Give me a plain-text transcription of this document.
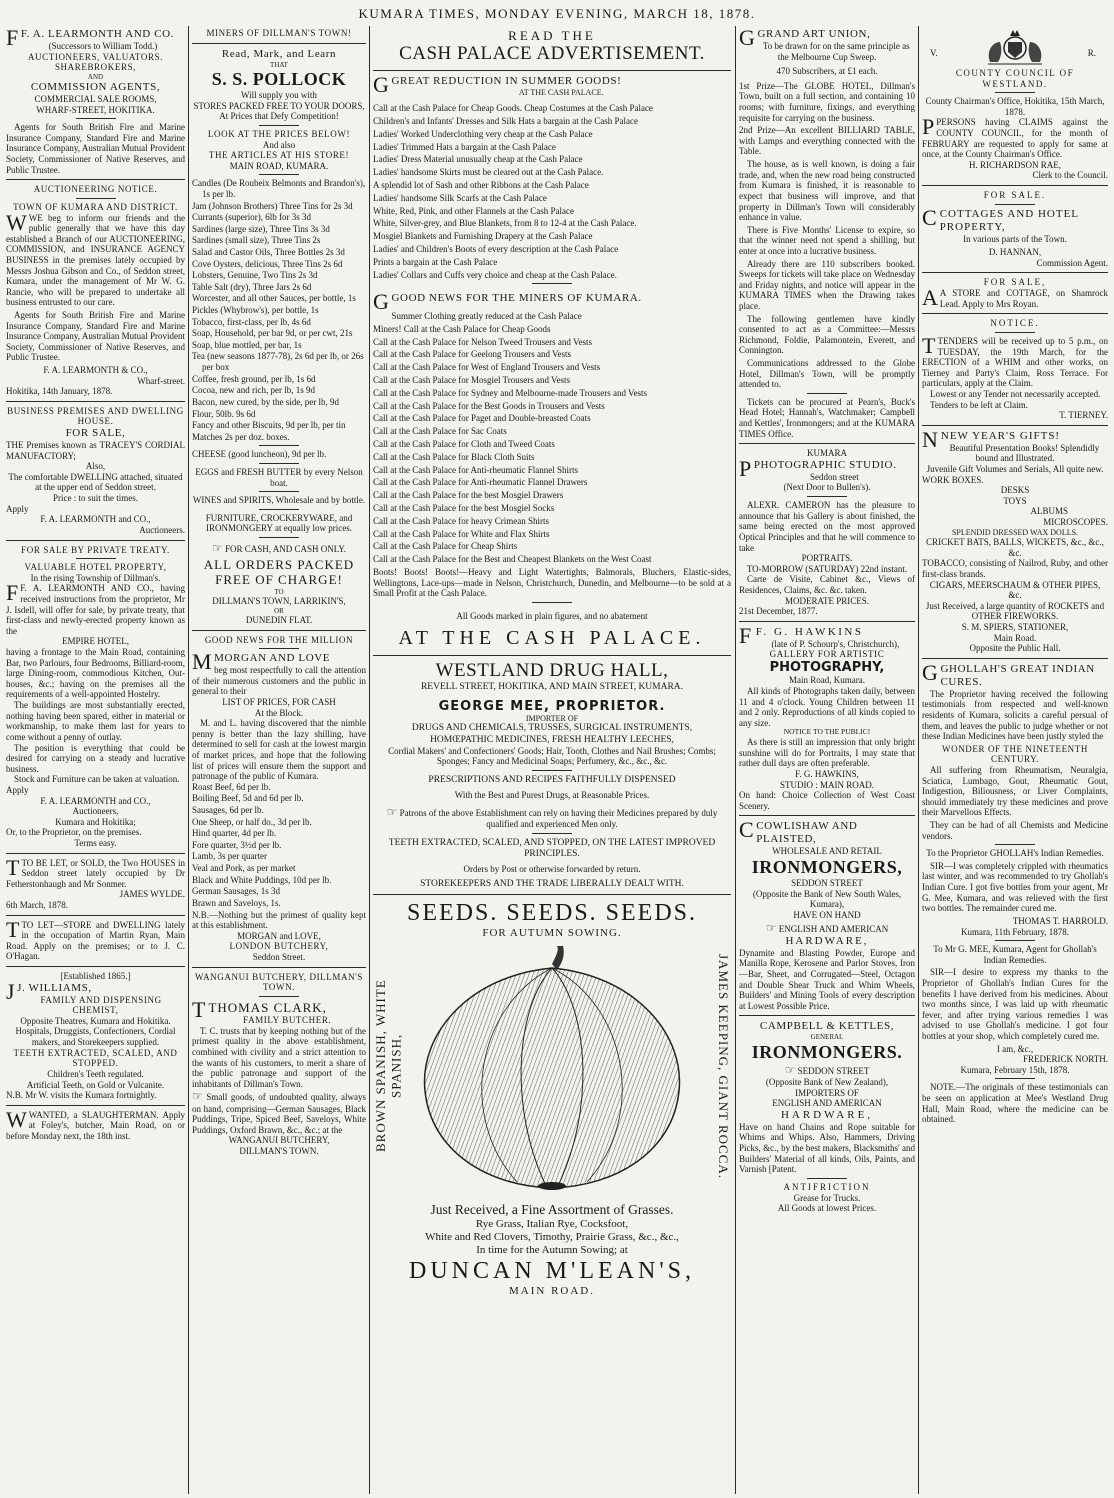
KUMARA TIMES, MONDAY EVENING, MARCH 18, 1878.
F F. A. LEARMONTH AND CO.
(Successors to William Todd.)
AUCTIONEERS, VALUATORS.
SHAREBROKERS,
AND
COMMISSION AGENTS,
COMMERCIAL SALE ROOMS,
WHARF-STREET, HOKITIKA.
Agents for South British Fire and Marine Insurance Company, Standard Fire and Marine Insurance Company, Australian Mutual Provident Society, Commissioner of Native Reserves, and Public Trustee.
AUCTIONEERING NOTICE.
TOWN OF KUMARA AND DISTRICT.
WWE beg to inform our friends and the public generally that we have this day established a Branch of our AUCTIONEERING, COMMISSION, and INSURANCE AGENCY BUSINESS in the premises lately occupied by Messrs Joshua Gibson and Co., of Seddon street, Kumara, under the management of Mr W. G. Rancie, who will be prepared to undertake all business entrusted to our care.
Agents for South British Fire and Marine Insurance Company, Standard Fire and Marine Insurance Company, Australian Mutual Provident Society, Commissioner of Native Reserves, and Public Trustee.
F. A. LEARMONTH & CO.,
Wharf-street.
Hokitika, 14th January, 1878.
BUSINESS PREMISES AND DWELLING HOUSE.
FOR SALE,
THE Premises known as TRACEY'S CORDIAL MANUFACTORY;
Also,
The comfortable DWELLING attached, situated at the upper end of Seddon street.
Price : to suit the times.
Apply
F. A. LEARMONTH and CO.,
Auctioneers.
FOR SALE BY PRIVATE TREATY.
VALUABLE HOTEL PROPERTY,
In the rising Township of Dillman's.
F F. A. LEARMONTH AND CO., having received instructions from the proprietor, Mr J. Isdell, will offer for sale, by private treaty, that first-class and newly-erected property known as the
EMPIRE HOTEL,
having a frontage to the Main Road, containing Bar, two Parlours, four Bedrooms, Billiard-room, large Dining-room, commodious Kitchen, Out-houses, &c.; having on the premises all the requirements of a well-appointed Hostelry.
The buildings are most substantially erected, nothing having been spared, either in material or workmanship, to make them last for years to come without a penny of outlay.
The position is everything that could be desired for carrying on a steady and lucrative business.
Stock and Furniture can be taken at valuation.
Apply
F. A. LEARMONTH and CO.,
Auctioneers,
Kumara and Hokitika;
Or, to the Proprietor, on the premises.
Terms easy.
TTO BE LET, or SOLD, the Two HOUSES in Seddon street lately occupied by Dr Fetherstonhaugh and Mr Sonmer.
JAMES WYLDE.
6th March, 1878.
TTO LET—STORE and DWELLING lately in the occupation of Martin Ryan, Main Road. Apply on the premises; or to J. C. O'Hagan.
[Established 1865.]
J J. WILLIAMS,
FAMILY AND DISPENSING CHEMIST,
Opposite Theatres, Kumara and Hokitika.
Hospitals, Druggists, Confectioners, Cordial makers, and Storekeepers supplied.
TEETH EXTRACTED, SCALED, AND STOPPED.
Children's Teeth regulated.
Artificial Teeth, on Gold or Vulcanite.
N.B. Mr W. visits the Kumara fortnightly.
WWANTED, a SLAUGHTERMAN. Apply at Foley's, butcher, Main Road, on or before Monday next, the 18th inst.
MINERS OF DILLMAN'S TOWN!
Read, Mark, and Learn
THAT
S. S. POLLOCK
Will supply you with
STORES PACKED FREE TO YOUR DOORS,
At Prices that Defy Competition!
LOOK AT THE PRICES BELOW!
And also
THE ARTICLES AT HIS STORE!
MAIN ROAD, KUMARA.
Candles (De Roubeix Belmonts and Brandon's), 1s per lb.
Jam (Johnson Brothers) Three Tins for 2s 3d
Currants (superior), 6lb for 3s 3d
Sardines (large size), Three Tins 3s 3d
Sardines (small size), Three Tins 2s
Salad and Castor Oils, Three Bottles 2s 3d
Cove Oysters, delicious, Three Tins 2s 6d
Lobsters, Genuine, Two Tins 2s 3d
Table Salt (dry), Three Jars 2s 6d
Worcester, and all other Sauces, per bottle, 1s
Pickles (Whybrow's), per bottle, 1s
Tobacco, first-class, per lb, 4s 6d
Soap, Household, per bar 9d, or per cwt, 21s
Soap, blue mottled, per bar, 1s
Tea (new seasons 1877-78), 2s 6d per lb, or 26s per box
Coffee, fresh ground, per lb, 1s 6d
Cocoa, new and rich, per lb, 1s 9d
Bacon, new cured, by the side, per lb, 9d
Flour, 50lb. 9s 6d
Fancy and other Biscuits, 9d per lb, per tin
Matches 2s per doz. boxes.
CHEESE (good luncheon), 9d per lb.
EGGS and FRESH BUTTER by every Nelson boat.
WINES and SPIRITS, Wholesale and by bottle.
FURNITURE, CROCKERYWARE, and IRONMONGERY at equally low prices.
☞ FOR CASH, AND CASH ONLY.
ALL ORDERS PACKED FREE OF CHARGE!
TO
DILLMAN'S TOWN, LARRIKIN'S,
OR
DUNEDIN FLAT.
GOOD NEWS FOR THE MILLION
MMORGAN AND LOVE
beg most respectfully to call the attention of their numerous customers and the public in general to their
LIST OF PRICES, FOR CASH
At the Block.
M. and L. having discovered that the nimble penny is better than the lazy shilling, have determined to sell for cash at the lowest margin of market prices, and hope that the following list of prices will ensure them the support and patronage of the public of Kumara.
Roast Beef, 6d per lb.
Boiling Beef, 5d and 6d per lb.
Sausages, 6d per lb.
One Sheep, or half do., 3d per lb.
Hind quarter, 4d per lb.
Fore quarter, 3½d per lb.
Lamb, 3s per quarter
Veal and Pork, as per market
Black and White Puddings, 10d per lb.
German Sausages, 1s 3d
Brawn and Saveloys, 1s.
N.B.—Nothing but the primest of quality kept at this establishment.
MORGAN and LOVE,
LONDON BUTCHERY,
Seddon Street.
WANGANUI BUTCHERY, DILLMAN'S TOWN.
TTHOMAS CLARK,
FAMILY BUTCHER.
T. C. trusts that by keeping nothing but of the primest quality in the above establishment, combined with civility and a strict attention to the wants of his customers, to merit a share of the public patronage and support of the inhabitants of Dillman's Town.
☞ Small goods, of undoubted quality, always on hand, comprising—German Sausages, Black Puddings, Tripe, Spiced Beef, Saveloys, White Puddings, Oxford Brawn, &c., &c.; at the
WANGANUI BUTCHERY,
DILLMAN'S TOWN.
READ THE
CASH PALACE ADVERTISEMENT.
GGREAT REDUCTION IN SUMMER GOODS!
AT THE CASH PALACE.

Call at the Cash Palace for Cheap Goods. Cheap Costumes at the Cash Palace

Children's and Infants' Dresses and Silk Hats a bargain at the Cash Palace

Ladies' Worked Underclothing very cheap at the Cash Palace

Ladies' Trimmed Hats a bargain at the Cash Palace

Ladies' Dress Material unusually cheap at the Cash Palace

Ladies' handsome Skirts must be cleared out at the Cash Palace.

A splendid lot of Sash and other Ribbons at the Cash Palace

Ladies' handsome Silk Scarfs at the Cash Palace

White, Red, Pink, and other Flannels at the Cash Palace

White, Silver-grey, and Blue Blankets, from 8 to 12-4 at the Cash Palace.

Mosgiel Blankets and Furnishing Drapery at the Cash Palace

Ladies' and Children's Boots of every description at the Cash Palace

Prints a bargain at the Cash Palace

Ladies' Collars and Cuffs very choice and cheap at the Cash Palace.

GGOOD NEWS FOR THE MINERS OF KUMARA.

Summer Clothing greatly reduced at the Cash Palace

Miners! Call at the Cash Palace for Cheap Goods

Call at the Cash Palace for Nelson Tweed Trousers and Vests

Call at the Cash Palace for Geelong Trousers and Vests

Call at the Cash Palace for West of England Trousers and Vests

Call at the Cash Palace for Mosgiel Trousers and Vests

Call at the Cash Palace for Sydney and Melbourne-made Trousers and Vests

Call at the Cash Palace for the Best Goods in Trousers and Vests

Call at the Cash Palace for Paget and Double-breasted Coats

Call at the Cash Palace for Sac Coats

Call at the Cash Palace for Cloth and Tweed Coats

Call at the Cash Palace for Black Cloth Suits

Call at the Cash Palace for Anti-rheumatic Flannel Shirts

Call at the Cash Palace for Anti-rheumatic Flannel Drawers

Call at the Cash Palace for the best Mosgiel Drawers

Call at the Cash Palace for the best Mosgiel Socks

Call at the Cash Palace for heavy Crimean Shirts

Call at the Cash Palace for White and Flax Shirts

Call at the Cash Palace for Cheap Shirts

Call at the Cash Palace for the Best and Cheapest Blankets on the West Coast

Boots! Boots! Boots!—Heavy and Light Watertights, Balmorals, Bluchers, Elastic-sides, Wellingtons, Lace-ups—made in Nelson, Christchurch, Dunedin, and Melbourne—to be sold at a Small Profit at the Cash Palace.

All Goods marked in plain figures, and no abatement
AT THE CASH PALACE.
WESTLAND DRUG HALL,
REVELL STREET, HOKITIKA, AND MAIN STREET, KUMARA.
GEORGE MEE, PROPRIETOR.
IMPORTER OF
DRUGS AND CHEMICALS, TRUSSES, SURGICAL INSTRUMENTS,
HOMŒPATHIC MEDICINES, FRESH HEALTHY LEECHES,
Cordial Makers' and Confectioners' Goods; Hair, Tooth, Clothes and Nail Brushes; Combs; Sponges; Fancy and Medicinal Soaps; Perfumery, &c., &c., &c.
PRESCRIPTIONS AND RECIPES FAITHFULLY DISPENSED
With the Best and Purest Drugs, at Reasonable Prices.
☞ Patrons of the above Establishment can rely on having their Medicines prepared by duly qualified and experienced Men only.
TEETH EXTRACTED, SCALED, AND STOPPED, ON THE LATEST IMPROVED PRINCIPLES.
Orders by Post or otherwise forwarded by return.
STOREKEEPERS AND THE TRADE LIBERALLY DEALT WITH.
SEEDS. SEEDS. SEEDS.
FOR AUTUMN SOWING.
BROWN SPANISH, WHITE SPANISH,	JAMES KEEPING, GIANT ROCCA.
Just Received, a Fine Assortment of Grasses.
Rye Grass, Italian Rye, Cocksfoot,
White and Red Clovers, Timothy, Prairie Grass, &c., &c.,
In time for the Autumn Sowing; at
DUNCAN M'LEAN'S,
MAIN ROAD.
GGRAND ART UNION,
To be drawn for on the same principle as the Melbourne Cup Sweep.
470 Subscribers, at £1 each.
1st Prize—The GLOBE HOTEL, Dillman's Town, built on a full section, and containing 10 rooms; with furniture, fixings, and everything requisite for carrying on the business.
2nd Prize—An excellent BILLIARD TABLE, with Lamps and everything connected with the Table.
The house, as is well known, is doing a fair trade, and, when the new road being constructed from Kumara is finished, it is reasonable to expect that business will improve, and that property in Dillman's Town will considerably enhance in value.
There is Five Months' License to expire, so that the winner need not spend a shilling, but enter at once into a lucrative business.
Already there are 110 subscribers booked. Sweeps for tickets will take place on Wednesday and Friday nights, and notice will appear in the KUMARA TIMES when the Drawing takes place.
The following gentlemen have kindly consented to act as a Committee:—Messrs Richmond, Foldie, Palamontein, Everett, and Connington.
Communications addressed to the Globe Hotel, Dillman's Town, will be promptly attended to.
Tickets can be procured at Pearn's, Buck's Head Hotel; Hannah's, Watchmaker; Campbell and Kettles', Ironmongers; and at the KUMARA TIMES Office.
KUMARA
PPHOTOGRAPHIC STUDIO.
Seddon street
(Next Door to Bullen's).
ALEXR. CAMERON has the pleasure to announce that his Gallery is about finished, the same being erected on the most approved Optical Principles and that he will commence to take
PORTRAITS.
TO-MORROW (SATURDAY) 22nd instant.
Carte de Visite, Cabinet &c., Views of Residences, Claims, &c. &c. taken.
MODERATE PRICES.
21st December, 1877.
F F. G. HAWKINS
(late of P. Schourp's, Christchurch),
GALLERY FOR ARTISTIC
PHOTOGRAPHY,
Main Road, Kumara.
All kinds of Photographs taken daily, between 11 and 4 o'clock. Young Children between 11 and 2 only. Reproductions of all kinds copied to any size.
NOTICE TO THE PUBLIC!
As there is still an impression that only bright sunshine will do for Portraits, I may state that rather dull days are often preferable.
F. G. HAWKINS,
STUDIO : MAIN ROAD.
On hand: Choice Collection of West Coast Scenery.
CCOWLISHAW AND PLAISTED,
WHOLESALE AND RETAIL
IRONMONGERS,
SEDDON STREET
(Opposite the Bank of New South Wales, Kumara),
HAVE ON HAND
☞ ENGLISH AND AMERICAN
HARDWARE,
Dynamite and Blasting Powder, Europe and Manilla Rope, Kerosene and Parlor Stoves, Iron—Bar, Sheet, and Corrugated—Steel, Octagon and Double Shear Truck and Whim Wheels, Builders' and Mining Tools of every description at Lowest Possible Price.
CAMPBELL & KETTLES,
GENERAL
IRONMONGERS.
☞ SEDDON STREET
(Opposite Bank of New Zealand),
IMPORTERS OF
ENGLISH AND AMERICAN
HARDWARE,
Have on hand Chains and Rope suitable for Whims and Whips. Also, Hammers, Driving Picks, &c., by the best makers, Blacksmiths' and Builders' Material of all kinds, Oils, Paints, and Varnish [Patent.
ANTIFRICTION
Grease for Trucks.
All Goods at lowest Prices.
V.	R.
COUNTY COUNCIL OF WESTLAND.
County Chairman's Office, Hokitika, 15th March, 1878.
PPERSONS having CLAIMS against the COUNTY COUNCIL, for the month of FEBRUARY are requested to apply for same at once, at the County Chairman's Office.
H. RICHARDSON RAE,
Clerk to the Council.
FOR SALE.
CCOTTAGES AND HOTEL PROPERTY,
In various parts of the Town.
D. HANNAN,
Commission Agent.
FOR SALE,
A A STORE and COTTAGE, on Shamrock Lead. Apply to Mrs Royan.
NOTICE.
TTENDERS will be received up to 5 p.m., on TUESDAY, the 19th March, for the ERECTION of a WHIM and other works, on Tierney and Party's Claim, Ross Terrace. For particulars, apply at the Claim.
Lowest or any Tender not necessarily accepted.
Tenders to be left at Claim.
T. TIERNEY.
NNEW YEAR'S GIFTS!
Beautiful Presentation Books! Splendidly bound and Illustrated.
Juvenile Gift Volumes and Serials, All quite new.
WORK BOXES.
DESKS
TOYS
ALBUMS
MICROSCOPES.
SPLENDID DRESSED WAX DOLLS.
CRICKET BATS, BALLS, WICKETS, &c., &c., &c.
TOBACCO, consisting of Nailrod, Ruby, and other first-class brands.
CIGARS, MEERSCHAUM & OTHER PIPES, &c.
Just Received, a large quantity of ROCKETS and OTHER FIREWORKS.
S. M. SPIERS, STATIONER,
Main Road.
Opposite the Public Hall.
GGHOLLAH'S GREAT INDIAN CURES.
The Proprietor having received the following testimonials from respected and well-known residents of Kumara, solicits a careful persual of them, and leaves the public to judge whether or not these Indian Medicines have been justly styled the
WONDER OF THE NINETEENTH CENTURY.
All suffering from Rheumatism, Neuralgia, Sciatica, Lumbago, Gout, Rheumatic Gout, Indigestion, Biliousness, or Liver Complaints, should immediately try these medicines and prove their Marvellous Effects.
They can be had of all Chemists and Medicine vendors.
To the Proprietor GHOLLAH's Indian Remedies.
SIR—I was completely crippled with rheumatics last winter, and was recommended to try Ghollah's Indian Cure. I got five bottles from your agent, Mr G. Mee, Kumara, and was relieved with the first two bottles. The remainder cured me.
THOMAS T. HARROLD.
Kumara, 11th February, 1878.
To Mr G. MEE, Kumara, Agent for Ghollah's Indian Remedies.
SIR—I desire to express my thanks to the Proprietor of Ghollah's Indian Cures for the benefits I have derived from his medicines. About two months since, I was laid up with rheumatic fever, and after trying various remedies I was advised to use Ghollah's medicine. I got four bottles at your shop, which completely cured me.
I am, &c.,
FREDERICK NORTH.
Kumara, February 15th, 1878.
NOTE.—The originals of these testimonials can be seen on application at Mee's Westland Drug Hall, Main Road, where the medicine can be obtained.
